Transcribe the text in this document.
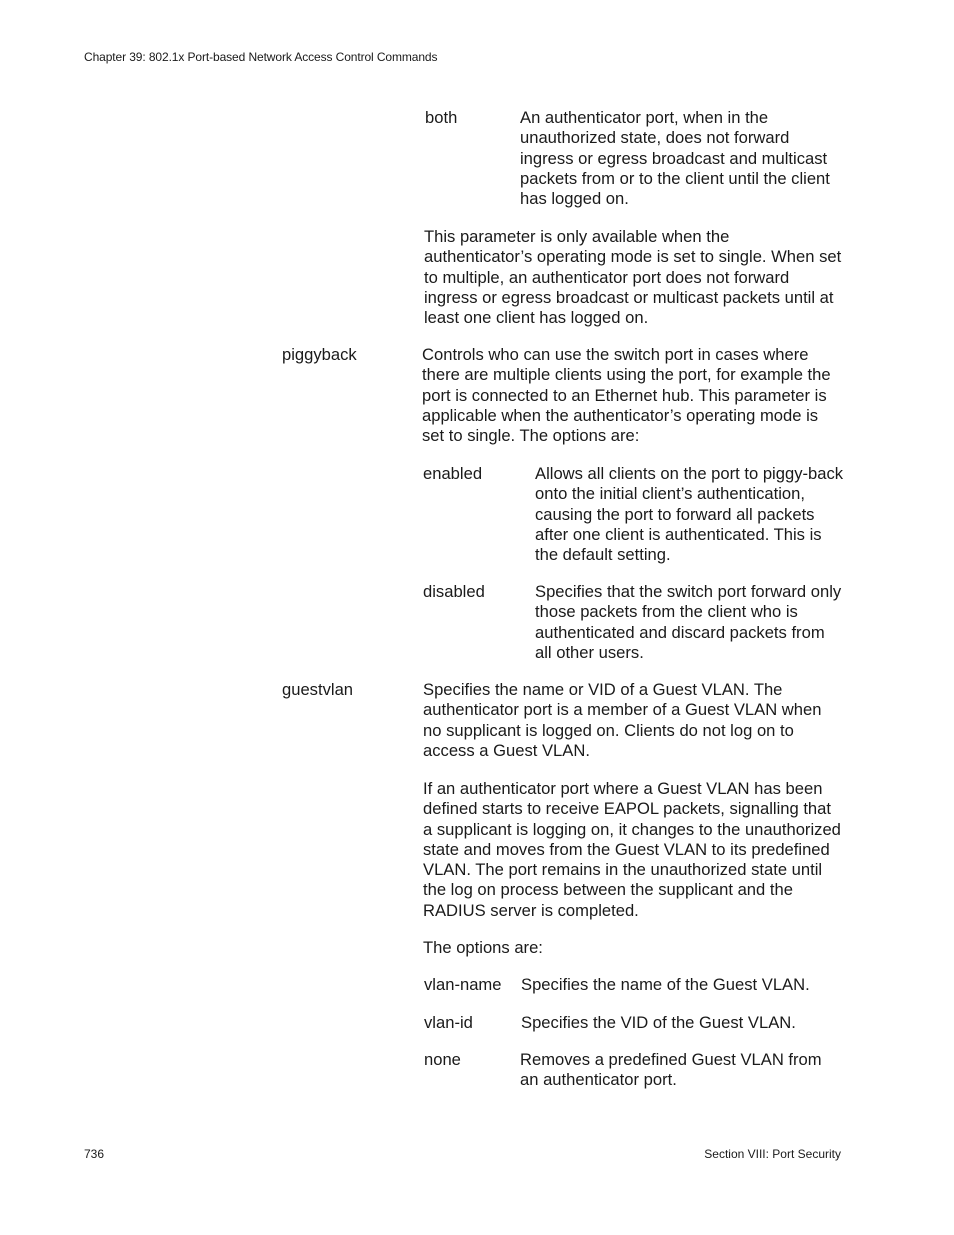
Chapter 39: 802.1x Port-based Network Access Control Commands

both	An authenticator port, when in the unauthorized state, does not forward ingress or egress broadcast and multicast packets from or to the client until the client has logged on.

This parameter is only available when the authenticator’s operating mode is set to single. When set to multiple, an authenticator port does not forward ingress or egress broadcast or multicast packets until at least one client has logged on.

piggyback	Controls who can use the switch port in cases where there are multiple clients using the port, for example the port is connected to an Ethernet hub. This parameter is applicable when the authenticator’s operating mode is set to single. The options are:

enabled	Allows all clients on the port to piggy-back onto the initial client’s authentication, causing the port to forward all packets after one client is authenticated. This is the default setting.

disabled	Specifies that the switch port forward only those packets from the client who is authenticated and discard packets from all other users.

guestvlan	Specifies the name or VID of a Guest VLAN. The authenticator port is a member of a Guest VLAN when no supplicant is logged on. Clients do not log on to access a Guest VLAN.

If an authenticator port where a Guest VLAN has been defined starts to receive EAPOL packets, signalling that a supplicant is logging on, it changes to the unauthorized state and moves from the Guest VLAN to its predefined VLAN. The port remains in the unauthorized state until the log on process between the supplicant and the RADIUS server is completed.

The options are:

vlan-name Specifies the name of the Guest VLAN.

vlan-id	Specifies the VID of the Guest VLAN.

none	Removes a predefined Guest VLAN from an authenticator port.

736	Section VIII: Port Security
